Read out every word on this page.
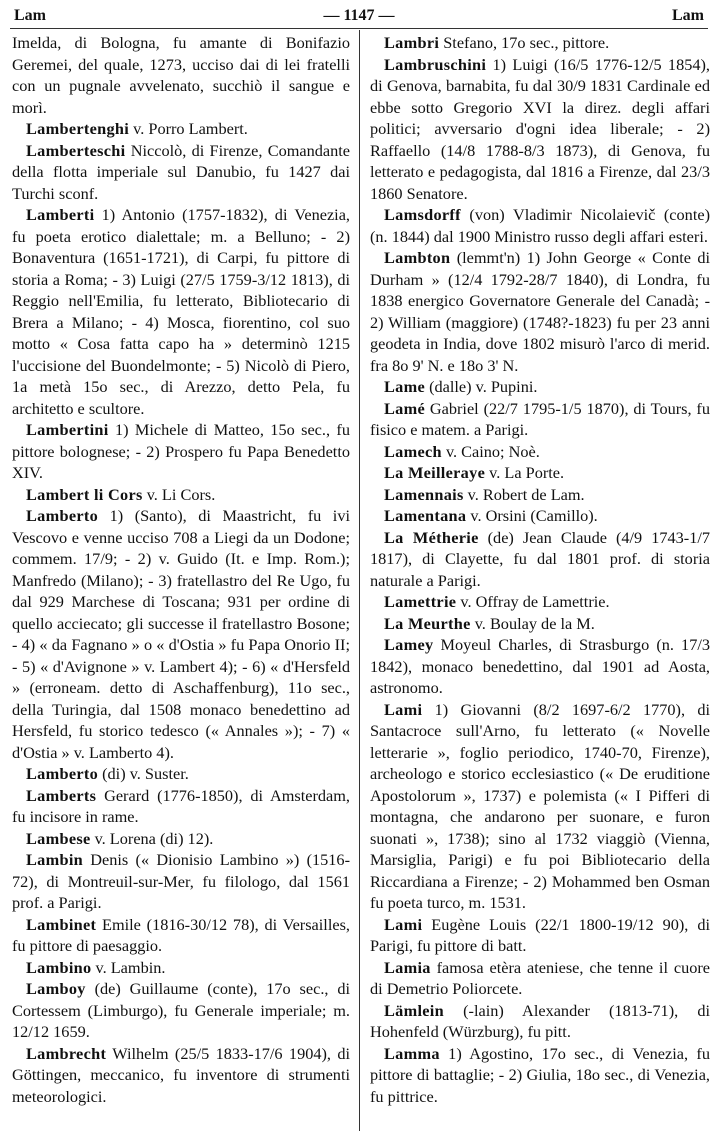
Lam	— 1147 —	Lam

Imelda, di Bologna, fu amante di Bonifazio Geremei, del quale, 1273, ucciso dai di lei fratelli con un pugnale avvelenato, succhiò il sangue e morì.

Lambertenghi v. Porro Lambert.

Lamberteschi Niccolò, di Firenze, Comandante della flotta imperiale sul Danubio, fu 1427 dai Turchi sconf.

Lamberti 1) Antonio (1757-1832), di Venezia, fu poeta erotico dialettale; m. a Belluno; - 2) Bonaventura (1651-1721), di Carpi, fu pittore di storia a Roma; - 3) Luigi (27/5 1759-3/12 1813), di Reggio nell'Emilia, fu letterato, Bibliotecario di Brera a Milano; - 4) Mosca, fiorentino, col suo motto « Cosa fatta capo ha » determinò 1215 l'uccisione del Buondelmonte; - 5) Nicolò di Piero, 1a metà 15o sec., di Arezzo, detto Pela, fu architetto e scultore.

Lambertini 1) Michele di Matteo, 15o sec., fu pittore bolognese; - 2) Prospero fu Papa Benedetto XIV.

Lambert li Cors v. Li Cors.

Lamberto 1) (Santo), di Maastricht, fu ivi Vescovo e venne ucciso 708 a Liegi da un Dodone; commem. 17/9; - 2) v. Guido (It. e Imp. Rom.); Manfredo (Milano); - 3) fratellastro del Re Ugo, fu dal 929 Marchese di Toscana; 931 per ordine di quello acciecato; gli successe il fratellastro Bosone; - 4) « da Fagnano » o « d'Ostia » fu Papa Onorio II; - 5) « d'Avignone » v. Lambert 4); - 6) « d'Hersfeld » (erroneam. detto di Aschaffenburg), 11o sec., della Turingia, dal 1508 monaco benedettino ad Hersfeld, fu storico tedesco (« Annales »); - 7) « d'Ostia » v. Lamberto 4).

Lamberto (di) v. Suster.

Lamberts Gerard (1776-1850), di Amsterdam, fu incisore in rame.

Lambese v. Lorena (di) 12).

Lambin Denis (« Dionisio Lambino ») (1516-72), di Montreuil-sur-Mer, fu filologo, dal 1561 prof. a Parigi.

Lambinet Emile (1816-30/12 78), di Versailles, fu pittore di paesaggio.

Lambino v. Lambin.

Lamboy (de) Guillaume (conte), 17o sec., di Cortessem (Limburgo), fu Generale imperiale; m. 12/12 1659.

Lambrecht Wilhelm (25/5 1833-17/6 1904), di Göttingen, meccanico, fu inventore di strumenti meteorologici.

Lambri Stefano, 17o sec., pittore.

Lambruschini 1) Luigi (16/5 1776-12/5 1854), di Genova, barnabita, fu dal 30/9 1831 Cardinale ed ebbe sotto Gregorio XVI la direz. degli affari politici; avversario d'ogni idea liberale; - 2) Raffaello (14/8 1788-8/3 1873), di Genova, fu letterato e pedagogista, dal 1816 a Firenze, dal 23/3 1860 Senatore.

Lamsdorff (von) Vladimir Nicolaievič (conte) (n. 1844) dal 1900 Ministro russo degli affari esteri.

Lambton (lemmt'n) 1) John George « Conte di Durham » (12/4 1792-28/7 1840), di Londra, fu 1838 energico Governatore Generale del Canadà; - 2) William (maggiore) (1748?-1823) fu per 23 anni geodeta in India, dove 1802 misurò l'arco di merid. fra 8o 9' N. e 18o 3' N.

Lame (dalle) v. Pupini.

Lamé Gabriel (22/7 1795-1/5 1870), di Tours, fu fisico e matem. a Parigi.

Lamech v. Caino; Noè.

La Meilleraye v. La Porte.

Lamennais v. Robert de Lam.

Lamentana v. Orsini (Camillo).

La Métherie (de) Jean Claude (4/9 1743-1/7 1817), di Clayette, fu dal 1801 prof. di storia naturale a Parigi.

Lamettrie v. Offray de Lamettrie.

La Meurthe v. Boulay de la M.

Lamey Moyeul Charles, di Strasburgo (n. 17/3 1842), monaco benedettino, dal 1901 ad Aosta, astronomo.

Lami 1) Giovanni (8/2 1697-6/2 1770), di Santacroce sull'Arno, fu letterato (« Novelle letterarie », foglio periodico, 1740-70, Firenze), archeologo e storico ecclesiastico (« De eruditione Apostolorum », 1737) e polemista (« I Pifferi di montagna, che andarono per suonare, e furon suonati », 1738); sino al 1732 viaggiò (Vienna, Marsiglia, Parigi) e fu poi Bibliotecario della Riccardiana a Firenze; - 2) Mohammed ben Osman fu poeta turco, m. 1531.

Lami Eugène Louis (22/1 1800-19/12 90), di Parigi, fu pittore di batt.

Lamia famosa etèra ateniese, che tenne il cuore di Demetrio Poliorcete.

Lämlein (-lain) Alexander (1813-71), di Hohenfeld (Würzburg), fu pitt.

Lamma 1) Agostino, 17o sec., di Venezia, fu pittore di battaglie; - 2) Giulia, 18o sec., di Venezia, fu pittrice.
